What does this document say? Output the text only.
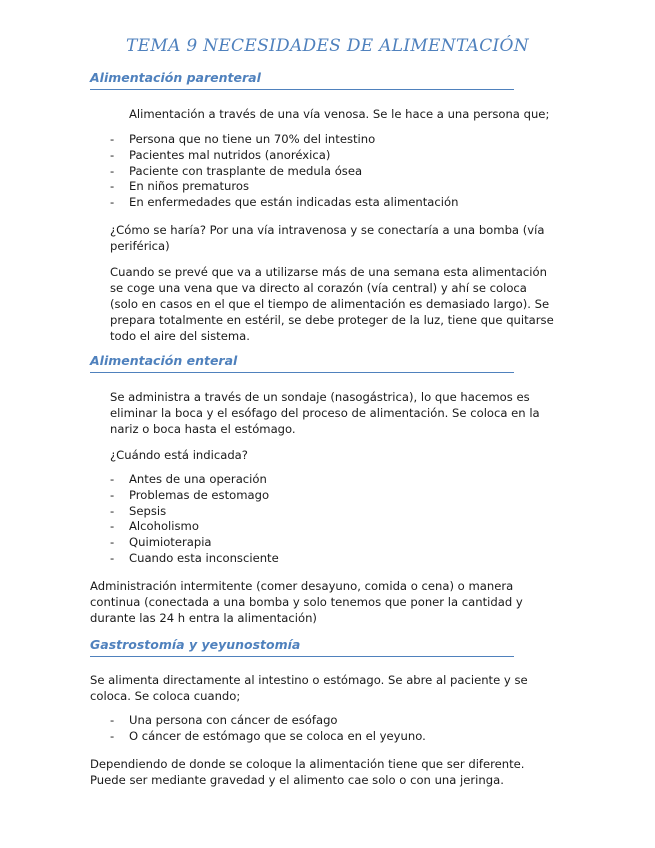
TEMA 9 NECESIDADES DE ALIMENTACIÓN
Alimentación parenteral
Alimentación a través de una vía venosa. Se le hace a una persona que;
- Persona que no tiene un 70% del intestino
- Pacientes mal nutridos (anoréxica)
- Paciente con trasplante de medula ósea
- En niños prematuros
- En enfermedades que están indicadas esta alimentación
¿Cómo se haría? Por una vía intravenosa y se conectaría a una bomba (vía
periférica)
Cuando se prevé que va a utilizarse más de una semana esta alimentación
se coge una vena que va directo al corazón (vía central) y ahí se coloca
(solo en casos en el que el tiempo de alimentación es demasiado largo). Se
prepara totalmente en estéril, se debe proteger de la luz, tiene que quitarse
todo el aire del sistema.
Alimentación enteral
Se administra a través de un sondaje (nasogástrica), lo que hacemos es
eliminar la boca y el esófago del proceso de alimentación. Se coloca en la
nariz o boca hasta el estómago.
¿Cuándo está indicada?
- Antes de una operación
- Problemas de estomago
- Sepsis
- Alcoholismo
- Quimioterapia
- Cuando esta inconsciente
Administración intermitente (comer desayuno, comida o cena) o manera
continua (conectada a una bomba y solo tenemos que poner la cantidad y
durante las 24 h entra la alimentación)
Gastrostomía y yeyunostomía
Se alimenta directamente al intestino o estómago. Se abre al paciente y se
coloca. Se coloca cuando;
- Una persona con cáncer de esófago
- O cáncer de estómago que se coloca en el yeyuno.
Dependiendo de donde se coloque la alimentación tiene que ser diferente.
Puede ser mediante gravedad y el alimento cae solo o con una jeringa.
